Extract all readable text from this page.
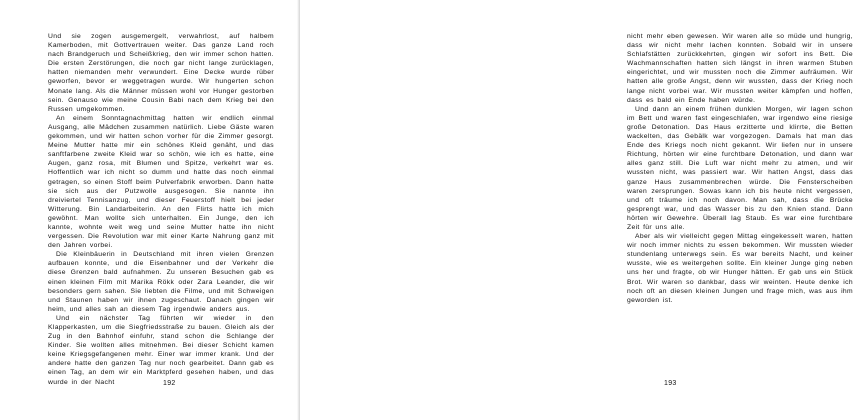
Und sie zogen ausgemergelt, verwahrlost, auf halbem Kamerboden, mit Gottvertrauen weiter. Das ganze Land roch nach Brandgeruch und Scheißkrieg, den wir immer schon hatten. Die ersten Zerstörungen, die noch gar nicht lange zurücklagen, hatten niemanden mehr verwundert. Eine Decke wurde rüber geworfen, bevor er weggetragen wurde. Wir hungerten schon Monate lang. Als die Männer müssen wohl vor Hunger gestorben sein. Genauso wie meine Cousin Babi nach dem Krieg bei den Russen umgekommen.

An einem Sonntagnachmittag hatten wir endlich einmal Ausgang, alle Mädchen zusammen natürlich. Liebe Gäste waren gekommen, und wir hatten schon vorher für die Zimmer gesorgt. Meine Mutter hatte mir ein schönes Kleid genäht, und das sanftfarbene zweite Kleid war so schön, wie ich es hatte, eine Augen, ganz rosa, mit Blumen und Spitze, verkehrt war es. Hoffentlich war ich nicht so dumm und hatte das noch einmal getragen, so einen Stoff beim Pulverfabrik erworben. Dann hatte sie sich aus der Putzwolle ausgesogen. Sie nannte ihn dreiviertel Tennisanzug, und dieser Feuerstoff hielt bei jeder Witterung. Bin Landarbeiterin. An den Flirts hatte ich mich gewöhnt. Man wollte sich unterhalten. Ein Junge, den ich kannte, wohnte weit weg und seine Mutter hatte ihn nicht vergessen. Die Revolution war mit einer Karte Nahrung ganz mit den Jahren vorbei.

Die Kleinbäuerin in Deutschland mit ihren vielen Grenzen aufbauen konnte, und die Eisenbahner und der Verkehr die diese Grenzen bald aufnahmen. Zu unseren Besuchen gab es einen kleinen Film mit Marika Rökk oder Zara Leander, die wir besonders gern sahen. Sie liebten die Filme, und mit Schweigen und Staunen haben wir ihnen zugeschaut. Danach gingen wir heim, und alles sah an diesem Tag irgendwie anders aus.

Und ein nächster Tag führten wir wieder in den Klapperkasten, um die Siegfriedsstraße zu bauen. Gleich als der Zug in den Bahnhof einfuhr, stand schon die Schlange der Kinder. Sie wollten alles mitnehmen. Bei dieser Schicht kamen keine Kriegsgefangenen mehr. Einer war immer krank. Und der andere hatte den ganzen Tag nur noch gearbeitet. Dann gab es einen Tag, an dem wir ein Marktpferd gesehen haben, und das wurde in der Nacht	192

nicht mehr eben gewesen. Wir waren alle so müde und hungrig, dass wir nicht mehr lachen konnten. Sobald wir in unsere Schlafstätten zurückkehrten, gingen wir sofort ins Bett. Die Wachmannschaften hatten sich längst in ihren warmen Stuben eingerichtet, und wir mussten noch die Zimmer aufräumen. Wir hatten alle große Angst, denn wir wussten, dass der Krieg noch lange nicht vorbei war. Wir mussten weiter kämpfen und hoffen, dass es bald ein Ende haben würde.

Und dann an einem frühen dunklen Morgen, wir lagen schon im Bett und waren fast eingeschlafen, war irgendwo eine riesige große Detonation. Das Haus erzitterte und klirrte, die Betten wackelten, das Gebälk war vorgezogen. Damals hat man das Ende des Kriegs noch nicht gekannt. Wir liefen nur in unsere Richtung, hörten wir eine furchtbare Detonation, und dann war alles ganz still. Die Luft war nicht mehr zu atmen, und wir wussten nicht, was passiert war. Wir hatten Angst, dass das ganze Haus zusammenbrechen würde. Die Fensterscheiben waren zersprungen. Sowas kann ich bis heute nicht vergessen, und oft träume ich noch davon. Man sah, dass die Brücke gesprengt war, und das Wasser bis zu den Knien stand. Dann hörten wir Gewehre. Überall lag Staub. Es war eine furchtbare Zeit für uns alle.

Aber als wir vielleicht gegen Mittag eingekesselt waren, hatten wir noch immer nichts zu essen bekommen. Wir mussten wieder stundenlang unterwegs sein. Es war bereits Nacht, und keiner wusste, wie es weitergehen sollte. Ein kleiner Junge ging neben uns her und fragte, ob wir Hunger hätten. Er gab uns ein Stück Brot. Wir waren so dankbar, dass wir weinten. Heute denke ich noch oft an diesen kleinen Jungen und frage mich, was aus ihm geworden ist.

193
